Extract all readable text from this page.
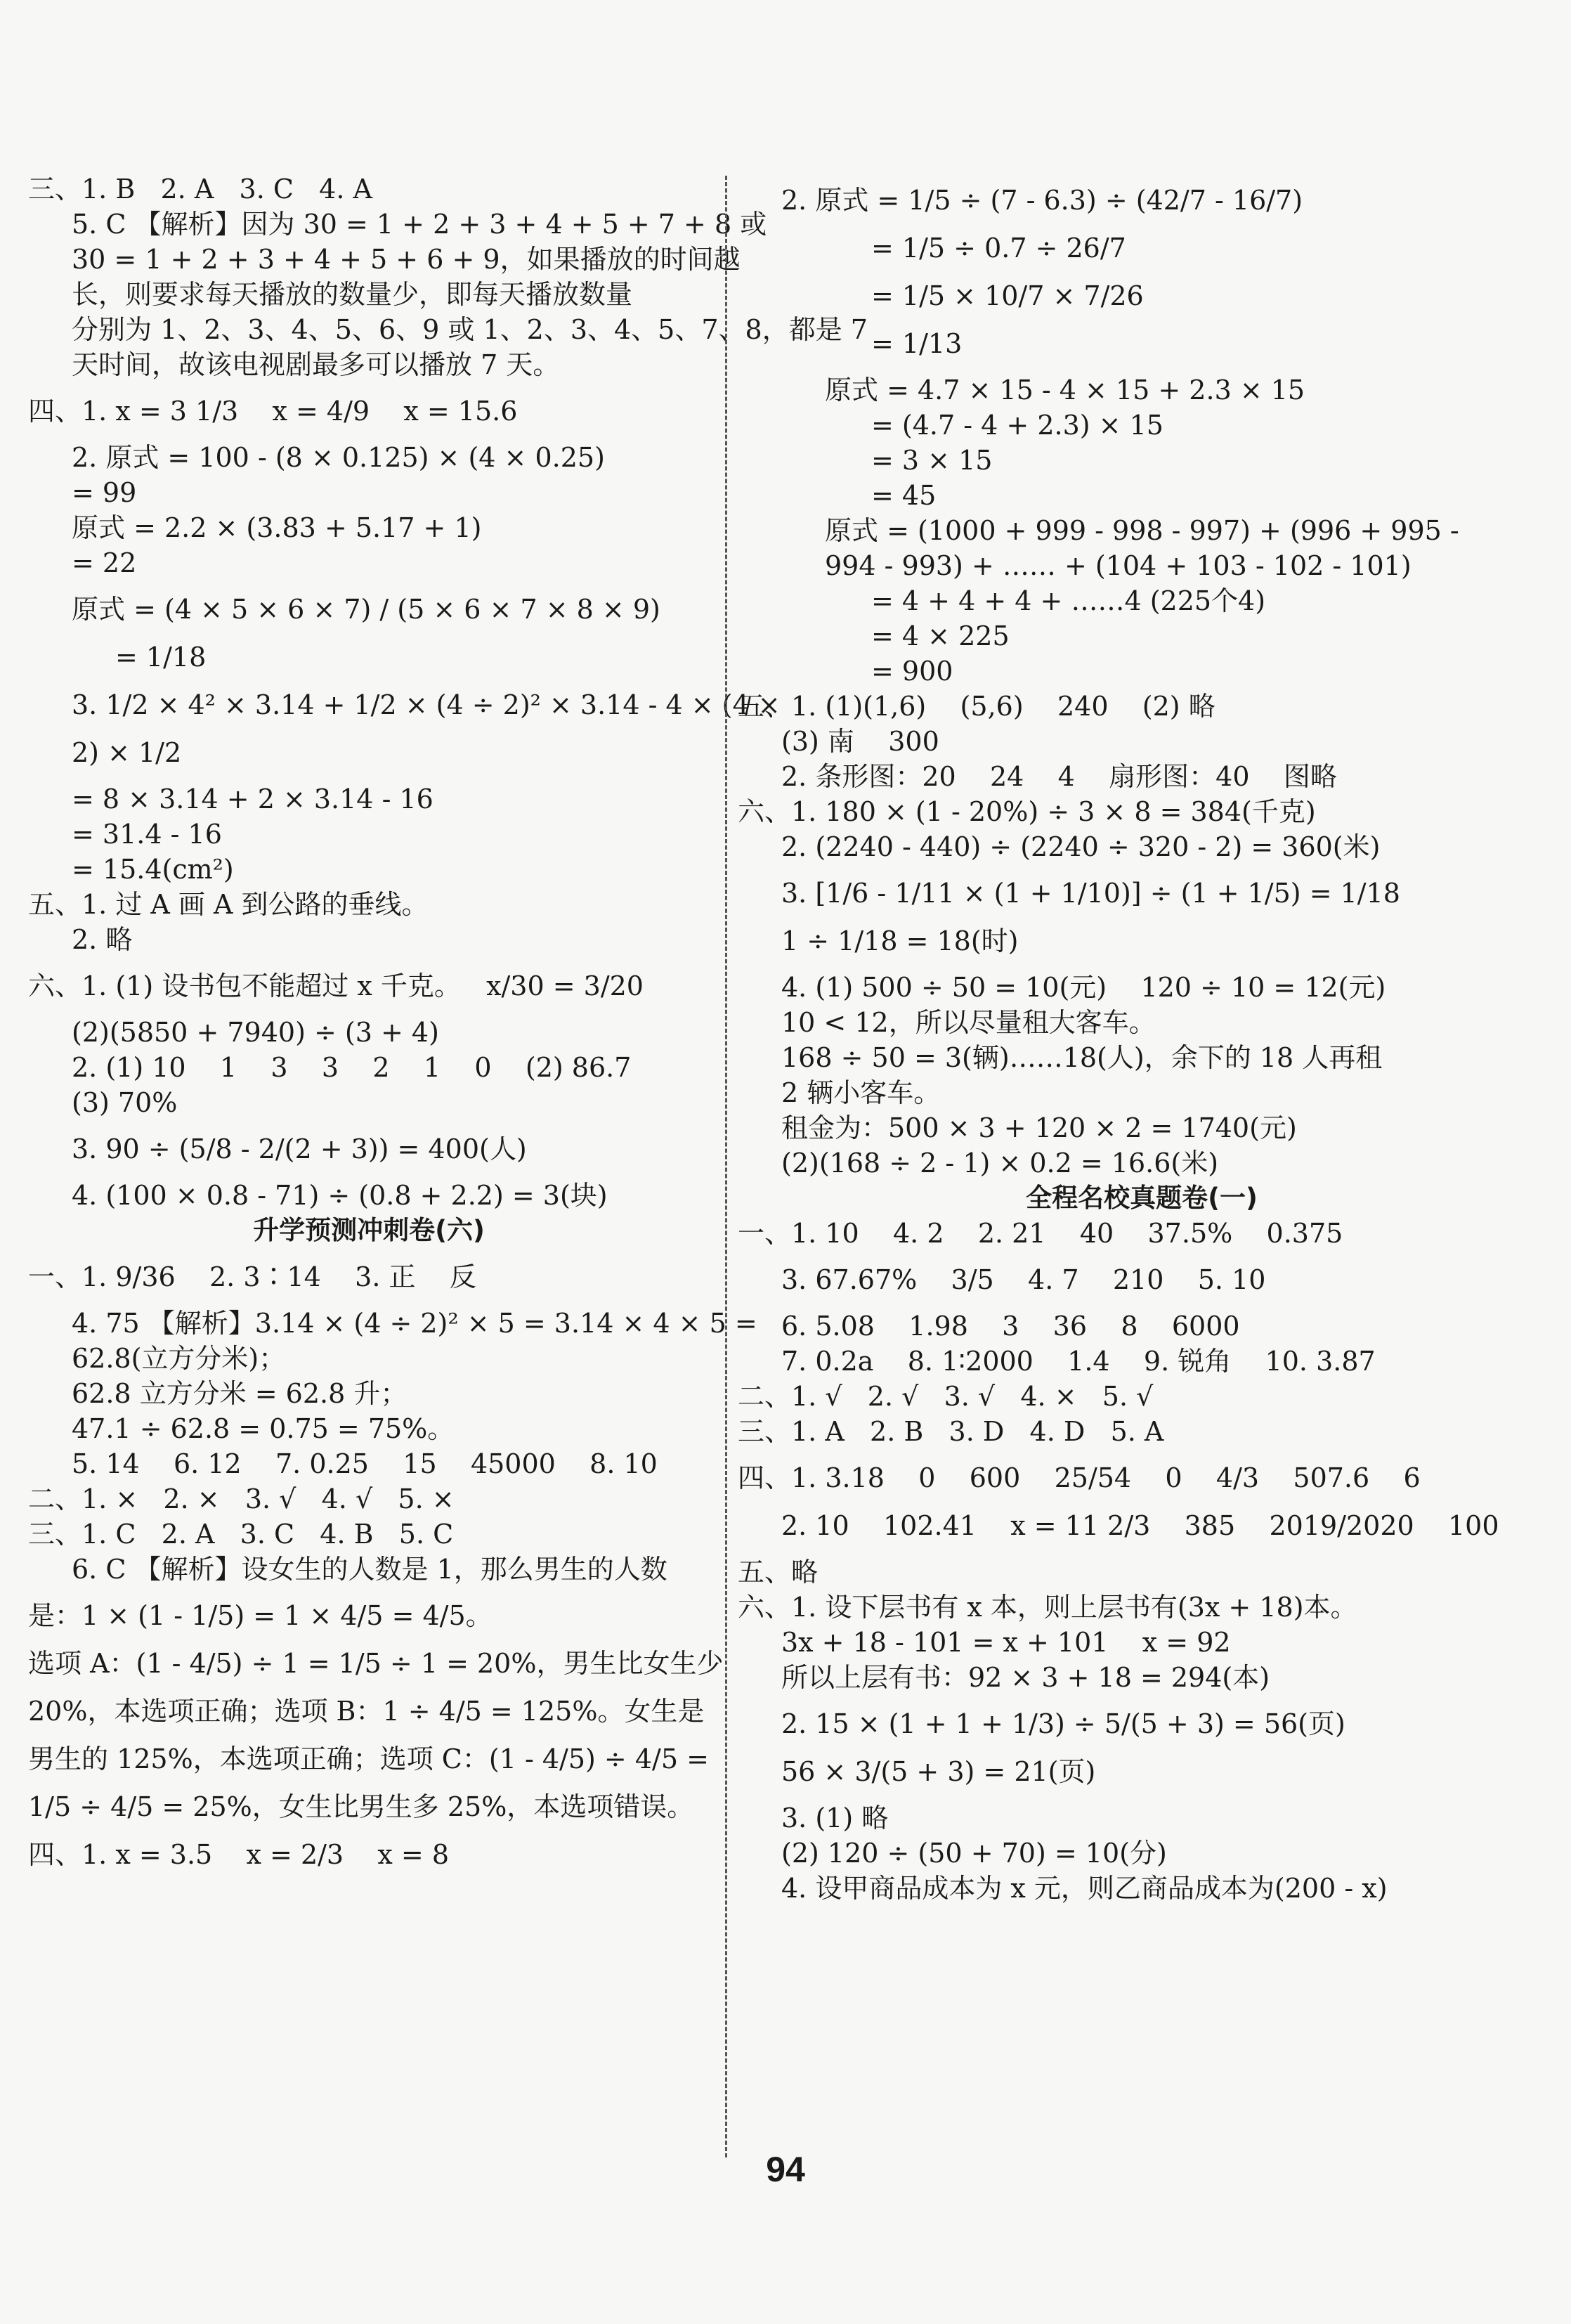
三、1. B   2. A   3. C   4. A

5. C 【解析】因为 30 = 1 + 2 + 3 + 4 + 5 + 7 + 8 或

30 = 1 + 2 + 3 + 4 + 5 + 6 + 9，如果播放的时间越

长，则要求每天播放的数量少，即每天播放数量

分别为 1、2、3、4、5、6、9 或 1、2、3、4、5、7、8，都是 7

天时间，故该电视剧最多可以播放 7 天。

四、1. x = 3 1/3    x = 4/9    x = 15.6

2. 原式 = 100 - (8 × 0.125) × (4 × 0.25)

= 99

原式 = 2.2 × (3.83 + 5.17 + 1)

= 22

原式 = (4 × 5 × 6 × 7) / (5 × 6 × 7 × 8 × 9)

= 1/18

3. 1/2 × 4² × 3.14 + 1/2 × (4 ÷ 2)² × 3.14 - 4 × (4 ×

2) × 1/2

= 8 × 3.14 + 2 × 3.14 - 16

= 31.4 - 16

= 15.4(cm²)

五、1. 过 A 画 A 到公路的垂线。

2. 略

六、1. (1) 设书包不能超过 x 千克。   x/30 = 3/20

(2)(5850 + 7940) ÷ (3 + 4)

2. (1) 10    1    3    3    2    1    0    (2) 86.7

(3) 70%

3. 90 ÷ (5/8 - 2/(2 + 3)) = 400(人)

4. (100 × 0.8 - 71) ÷ (0.8 + 2.2) = 3(块)

升学预测冲刺卷(六)

一、1. 9/36    2. 3∶14    3. 正    反

4. 75 【解析】3.14 × (4 ÷ 2)² × 5 = 3.14 × 4 × 5 =

62.8(立方分米)；

62.8 立方分米 = 62.8 升；

47.1 ÷ 62.8 = 0.75 = 75%。

5. 14    6. 12    7. 0.25    15    45000    8. 10

二、1. ×   2. ×   3. √   4. √   5. ×

三、1. C   2. A   3. C   4. B   5. C

6. C 【解析】设女生的人数是 1，那么男生的人数

是：1 × (1 - 1/5) = 1 × 4/5 = 4/5。

选项 A：(1 - 4/5) ÷ 1 = 1/5 ÷ 1 = 20%，男生比女生少

20%，本选项正确；选项 B：1 ÷ 4/5 = 125%。女生是

男生的 125%，本选项正确；选项 C：(1 - 4/5) ÷ 4/5 =

1/5 ÷ 4/5 = 25%，女生比男生多 25%，本选项错误。

四、1. x = 3.5    x = 2/3    x = 8

2. 原式 = 1/5 ÷ (7 - 6.3) ÷ (42/7 - 16/7)

= 1/5 ÷ 0.7 ÷ 26/7

= 1/5 × 10/7 × 7/26

= 1/13

原式 = 4.7 × 15 - 4 × 15 + 2.3 × 15

= (4.7 - 4 + 2.3) × 15

= 3 × 15

= 45

原式 = (1000 + 999 - 998 - 997) + (996 + 995 -

994 - 993) + …… + (104 + 103 - 102 - 101)

= 4 + 4 + 4 + ……4 (225个4)

= 4 × 225

= 900

五、1. (1)(1,6)    (5,6)    240    (2) 略

(3) 南    300

2. 条形图：20    24    4    扇形图：40    图略

六、1. 180 × (1 - 20%) ÷ 3 × 8 = 384(千克)

2. (2240 - 440) ÷ (2240 ÷ 320 - 2) = 360(米)

3. [1/6 - 1/11 × (1 + 1/10)] ÷ (1 + 1/5) = 1/18

1 ÷ 1/18 = 18(时)

4. (1) 500 ÷ 50 = 10(元)    120 ÷ 10 = 12(元)

10 < 12，所以尽量租大客车。

168 ÷ 50 = 3(辆)……18(人)，余下的 18 人再租

2 辆小客车。

租金为：500 × 3 + 120 × 2 = 1740(元)

(2)(168 ÷ 2 - 1) × 0.2 = 16.6(米)

全程名校真题卷(一)

一、1. 10    4. 2    2. 21    40    37.5%    0.375

3. 67.67%    3/5    4. 7    210    5. 10

6. 5.08    1.98    3    36    8    6000

7. 0.2a    8. 1∶2000    1.4    9. 锐角    10. 3.87

二、1. √   2. √   3. √   4. ×   5. √

三、1. A   2. B   3. D   4. D   5. A

四、1. 3.18    0    600    25/54    0    4/3    507.6    6

2. 10    102.41    x = 11 2/3    385    2019/2020    100

五、略

六、1. 设下层书有 x 本，则上层书有(3x + 18)本。

3x + 18 - 101 = x + 101    x = 92

所以上层有书：92 × 3 + 18 = 294(本)

2. 15 × (1 + 1 + 1/3) ÷ 5/(5 + 3) = 56(页)

56 × 3/(5 + 3) = 21(页)

3. (1) 略

(2) 120 ÷ (50 + 70) = 10(分)

4. 设甲商品成本为 x 元，则乙商品成本为(200 - x)

94
